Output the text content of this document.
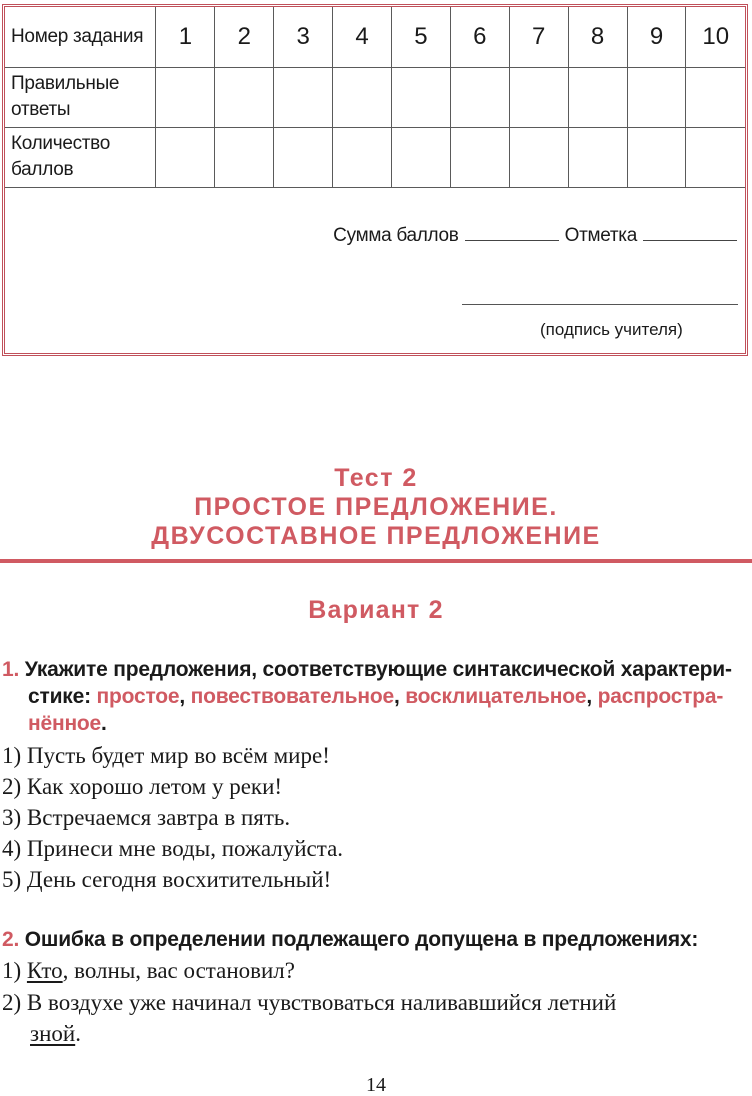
Номер задания	1	2	3	4	5	6	7	8	9	10
Правильные ответы										
Количество баллов										
Сумма баллов	Отметка
(подпись учителя)
Тест 2
ПРОСТОЕ ПРЕДЛОЖЕНИЕ.
ДВУСОСТАВНОЕ ПРЕДЛОЖЕНИЕ
Вариант 2
1. Укажите предложения, соответствующие синтаксической характери-
стике: простое, повествовательное, восклицательное, распростра-
нённое.
1) Пусть будет мир во всём мире!
2) Как хорошо летом у реки!
3) Встречаемся завтра в пять.
4) Принеси мне воды, пожалуйста.
5) День сегодня восхитительный!
2. Ошибка в определении подлежащего допущена в предложениях:
1) Кто, волны, вас остановил?
2) В воздухе уже начинал чувствоваться наливавшийся летний
зной.
14
